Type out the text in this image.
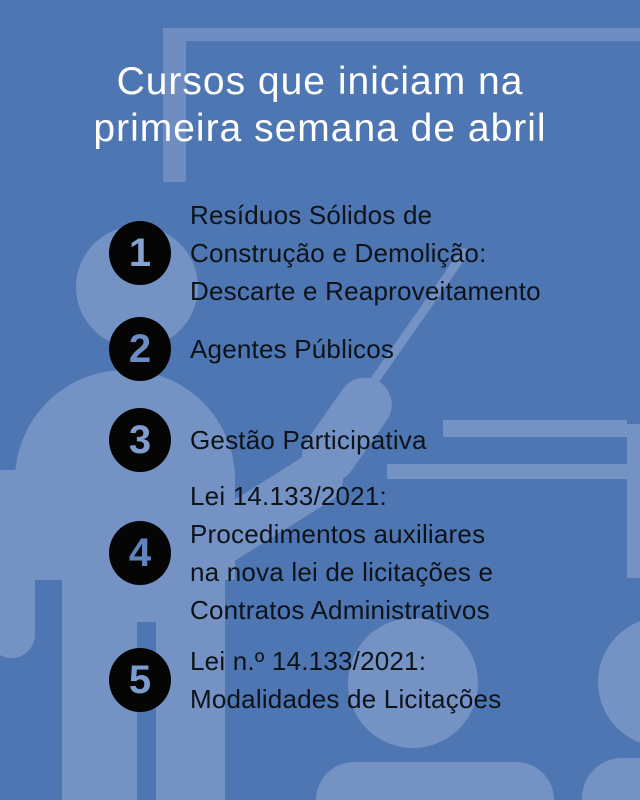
Cursos que iniciam na
primeira semana de abril
1
Resíduos Sólidos de
Construção e Demolição:
Descarte e Reaproveitamento
2 Agentes Públicos
3 Gestão Participativa
4
Lei 14.133/2021:
Procedimentos auxiliares
na nova lei de licitações e
Contratos Administrativos
5 Lei n.º 14.133/2021:
Modalidades de Licitações
